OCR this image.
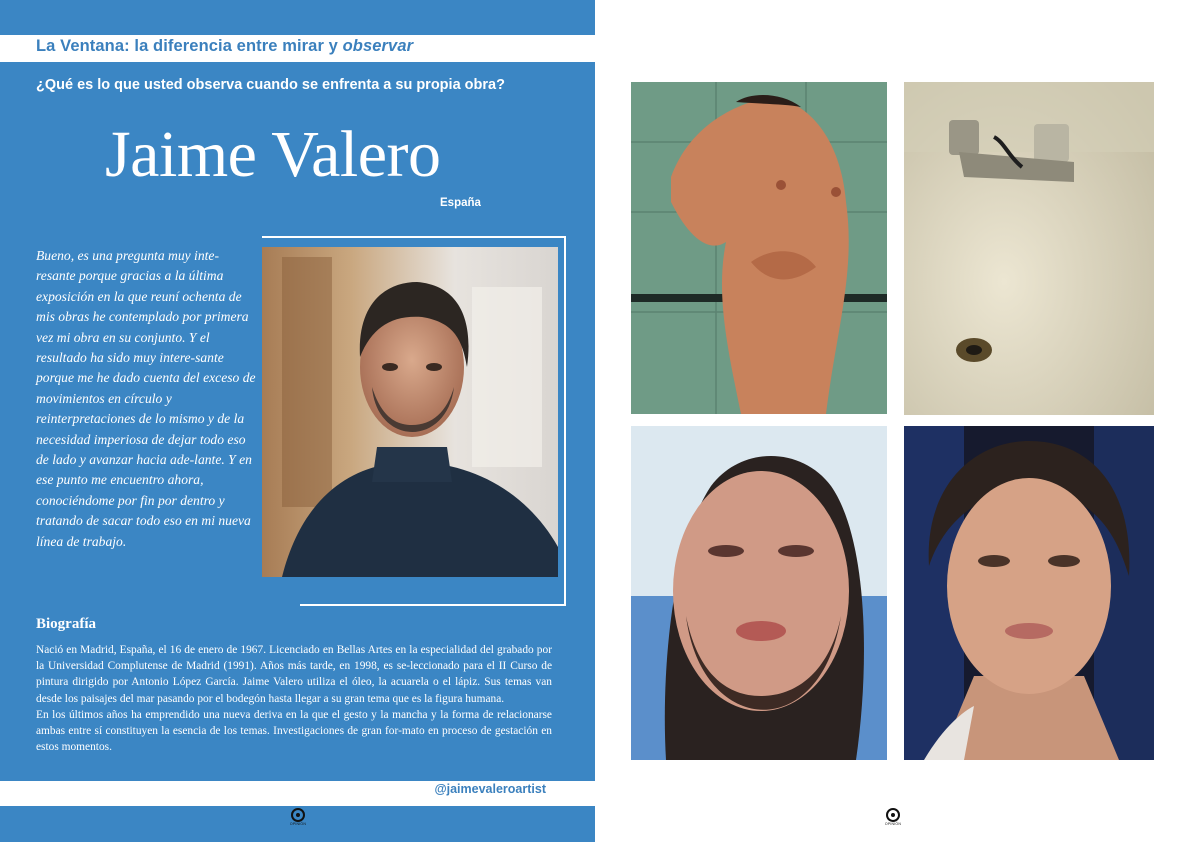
La Ventana: la diferencia entre mirar y observar
¿Qué es lo que usted observa cuando se enfrenta a su propia obra?
Jaime Valero
España
Bueno, es una pregunta muy inte-resante porque gracias a la última exposición en la que reuní ochenta de mis obras he contemplado por primera vez mi obra en su conjunto. Y el resultado ha sido muy intere-sante porque me he dado cuenta del exceso de movimientos en círculo y reinterpretaciones de lo mismo y de la necesidad imperiosa de dejar todo eso de lado y avanzar hacia ade-lante. Y en ese punto me encuentro ahora, conociéndome por fin por dentro y tratando de sacar todo eso en mi nueva línea de trabajo.
Biografía

Nació en Madrid, España, el 16 de enero de 1967. Licenciado en Bellas Artes en la especialidad del grabado por la Universidad Complutense de Madrid (1991). Años más tarde, en 1998, es se-leccionado para el II Curso de pintura dirigido por Antonio López García. Jaime Valero utiliza el óleo, la acuarela o el lápiz. Sus temas van desde los paisajes del mar pasando por el bodegón hasta llegar a su gran tema que es la figura humana.

En los últimos años ha emprendido una nueva deriva en la que el gesto y la mancha y la forma de relacionarse ambas entre sí constituyen la esencia de los temas. Investigaciones de gran for-mato en proceso de gestación en estos momentos.

@jaimevaleroartist
OPINIÓN	OPINIÓN
